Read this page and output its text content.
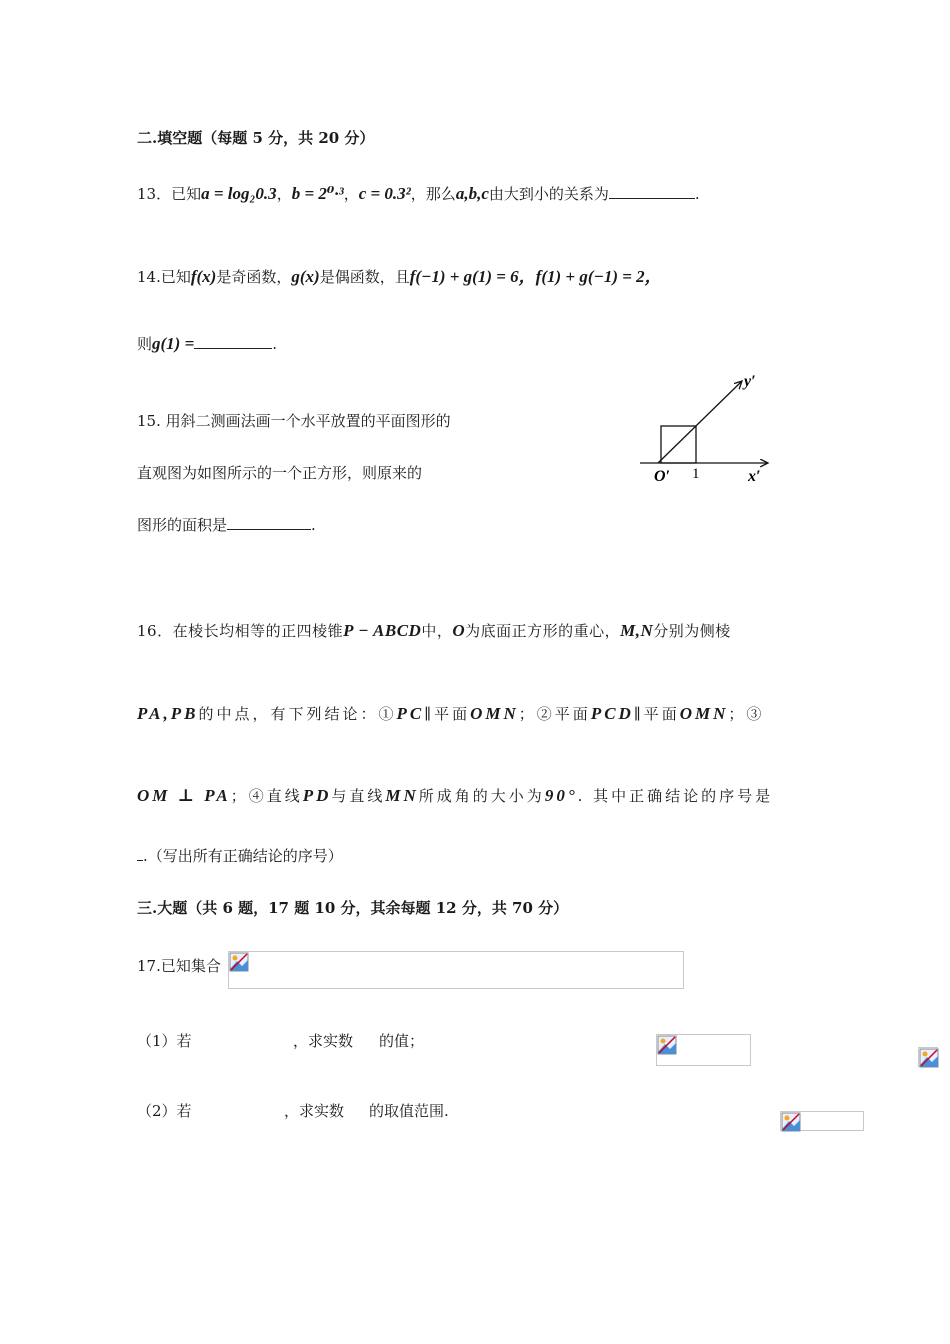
二.填空题（每题 5 分，共 20 分）
13．已知a = log₂0.3，b = 2⁰·³，c = 0.3²，那么a,b,c由大到小的关系为	.
14.已知f(x)是奇函数，g(x)是偶函数，且f(−1) + g(1) = 6，f(1) + g(−1) = 2，
则g(1) =	.
15. 用斜二测画法画一个水平放置的平面图形的
直观图为如图所示的一个正方形，则原来的
图形的面积是	.
y′
x′
O′ 1
16．在棱长均相等的正四棱锥P − ABCD中，O为底面正方形的重心，M,N分别为侧棱
PA,PB的中点，有下列结论：①PC∥平面OMN；②平面PCD∥平面OMN；③
OM ⊥ PA；④直线PD与直线MN所成角的大小为90°. 其中正确结论的序号是
.（写出所有正确结论的序号）
三.大题（共 6 题，17 题 10 分，其余每题 12 分，共 70 分）
17.已知集合

（1）若
	，求实数
的值；
（2）若
	，求实数 的取值范围.
